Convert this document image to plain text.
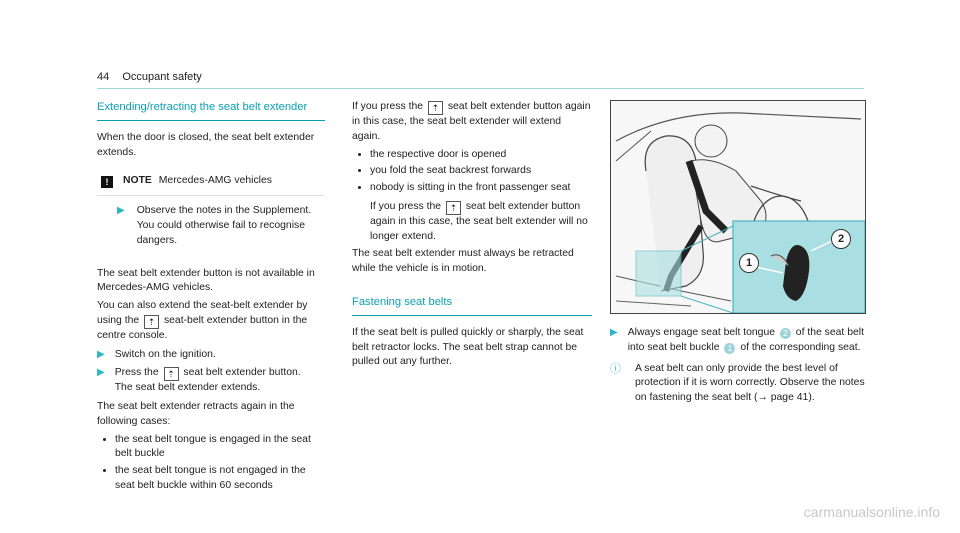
44 Occupant safety
Extending/retracting the seat belt extender

When the door is closed, the seat belt extender extends.

!	NOTE Mercedes-AMG vehicles
▶ Observe the notes in the Supplement. You could otherwise fail to recognise dangers.

The seat belt extender button is not available in Mercedes-AMG vehicles.

You can also extend the seat-belt extender by using the ⇡ seat-belt extender button in the centre console.

▶ Switch on the ignition.
▶ Press the ⇡ seat belt extender button.
The seat belt extender extends.

The seat belt extender retracts again in the following cases:

• the seat belt tongue is engaged in the seat belt buckle
• the seat belt tongue is not engaged in the seat belt buckle within 60 seconds

If you press the ⇡ seat belt extender button again in this case, the seat belt extender will extend again.

• the respective door is opened
• you fold the seat backrest forwards
• nobody is sitting in the front passenger seat

If you press the ⇡ seat belt extender button again in this case, the seat belt extender will no longer extend.

The seat belt extender must always be retracted while the vehicle is in motion.

Fastening seat belts

If the seat belt is pulled quickly or sharply, the seat belt retractor locks. The seat belt strap cannot be pulled out any further.

1
2
▶ Always engage seat belt tongue 2 of the seat belt into seat belt buckle 1 of the corresponding seat.
ⓘ A seat belt can only provide the best level of protection if it is worn correctly. Observe the notes on fastening the seat belt (→ page 41).
carmanualsonline.info
